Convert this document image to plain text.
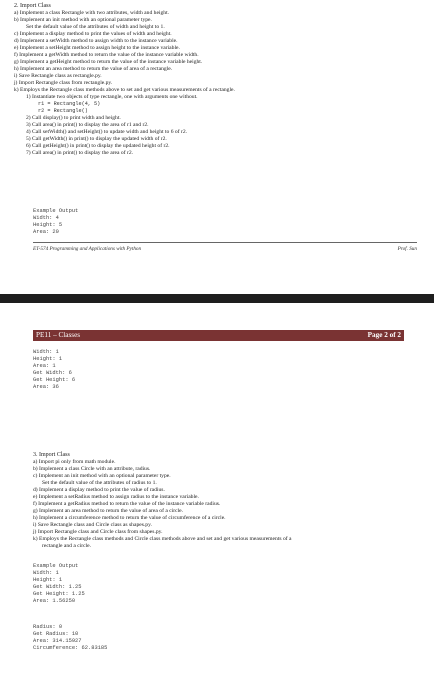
2. Import Class
a) Implement a class Rectangle with two attributes, width and height.
b) Implement an init method with an optional parameter type.
Set the default value of the attributes of width and height to 1.
c) Implement a display method to print the values of width and height.
d) Implement a setWidth method to assign width to the instance variable.
e) Implement a setHeight method to assign height to the instance variable.
f) Implement a getWidth method to return the value of the instance variable width.
g) Implement a getHeight method to return the value of the instance variable height.
h) Implement an area method to return the value of area of a rectangle.
i) Save Rectangle class as rectangle.py.
j) Import Rectangle class from rectangle.py.
k) Employs the Rectangle class methods above to set and get various measurements of a rectangle.
1) Instantiate two objects of type rectangle, one with arguments one without.
r1 = Rectangle(4, 5)
r2 = Rectangle()
2) Call display() to print width and height.
3) Call area() in print() to display the area of r1 and r2.
4) Call setWidth() and setHeight() to update width and height to 6 of r2.
5) Call getWidth() in print() to display the updated width of r2.
6) Call getHeight() in print() to display the updated height of r2.
7) Call area() in print() to display the area of r2.
Example Output
Width: 4
Height: 5
Area: 20
ET-574 Programming and Applications with Python	Prof. Sun
PE11 – Classes	Page 2 of 2
Width: 1
Height: 1
Area: 1
Get Width: 6
Get Height: 6
Area: 36
3. Import Class
a) Import pi only from math module.
b) Implement a class Circle with an attribute, radius.
c) Implement an init method with an optional parameter type.
Set the default value of the attributes of radius to 1.
d) Implement a display method to print the value of radius.
e) Implement a setRadius method to assign radius to the instance variable.
f) Implement a getRadius method to return the value of the instance variable radius.
g) Implement an area method to return the value of area of a circle.
h) Implement a circumference method to return the value of circumference of a circle.
i) Save Rectangle class and Circle class as shapes.py.
j) Import Rectangle class and Circle class from shapes.py.
k) Employs the Rectangle class methods and Circle class methods above and set and get various measurements of a
rectangle and a circle.
Example Output
Width: 1
Height: 1
Get Width: 1.25
Get Height: 1.25
Area: 1.56250
Radius: 0
Get Radius: 10
Area: 314.15927
Circumference: 62.83185
